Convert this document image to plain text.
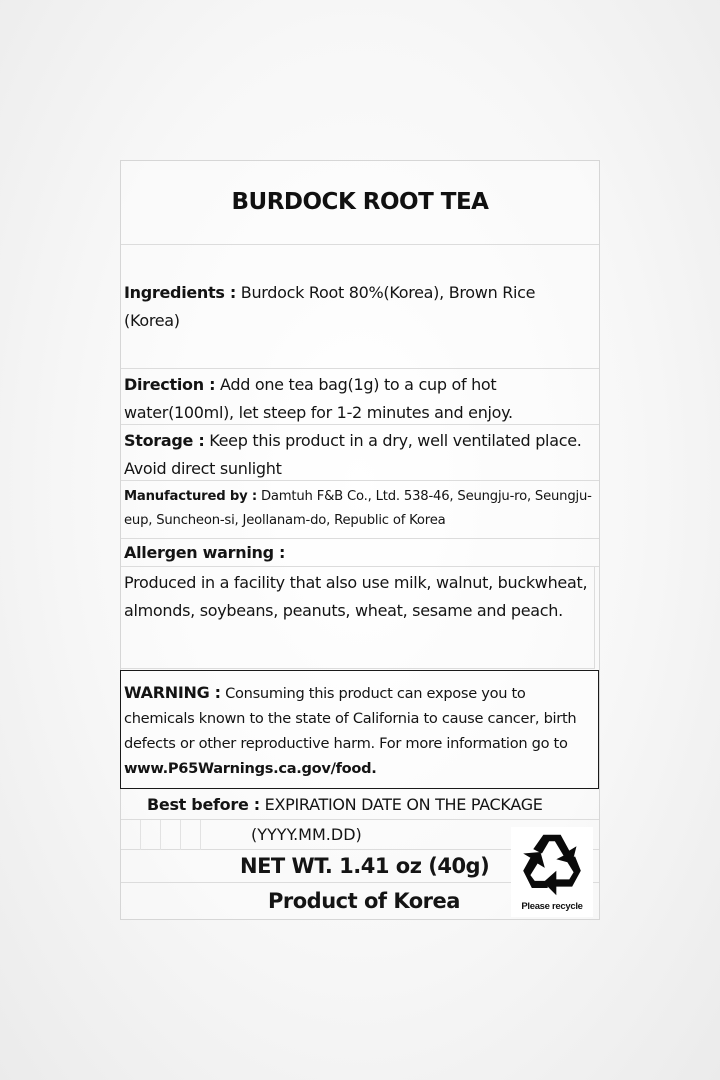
BURDOCK ROOT TEA
Ingredients : Burdock Root 80%(Korea), Brown Rice (Korea)
Direction : Add one tea bag(1g) to a cup of hot water(100ml), let steep for 1-2 minutes and enjoy.
Storage : Keep this product in a dry, well ventilated place. Avoid direct sunlight
Manufactured by : Damtuh F&B Co., Ltd. 538-46, Seungju-ro, Seungju-eup, Suncheon-si, Jeollanam-do, Republic of Korea
Allergen warning :
Produced in a facility that also use milk, walnut, buckwheat, almonds, soybeans, peanuts, wheat, sesame and peach.
WARNING : Consuming this product can expose you to chemicals known to the state of California to cause cancer, birth defects or other reproductive harm. For more information go to www.P65Warnings.ca.gov/food.
Best before : EXPIRATION DATE ON THE PACKAGE
(YYYY.MM.DD)
NET WT. 1.41 oz (40g)
Product of Korea	Please recycle
